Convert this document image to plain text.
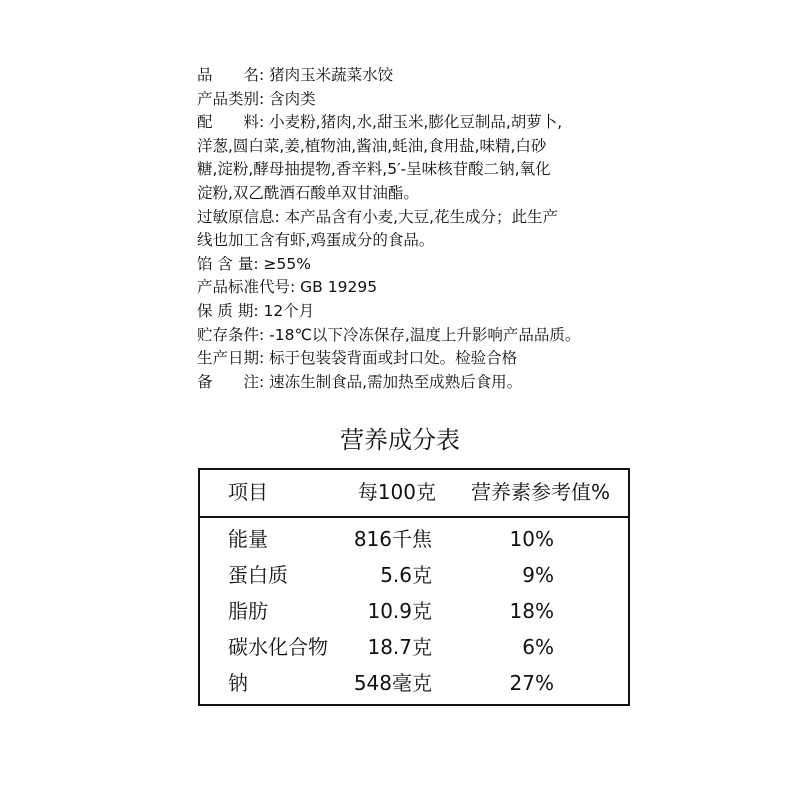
品　　名: 猪肉玉米蔬菜水饺
产品类别: 含肉类
配　　料: 小麦粉,猪肉,水,甜玉米,膨化豆制品,胡萝卜,
洋葱,圆白菜,姜,植物油,酱油,蚝油,食用盐,味精,白砂
糖,淀粉,酵母抽提物,香辛料,5′-呈味核苷酸二钠,氧化
淀粉,双乙酰酒石酸单双甘油酯。
过敏原信息: 本产品含有小麦,大豆,花生成分；此生产
线也加工含有虾,鸡蛋成分的食品。
馅 含 量: ≥55%
产品标准代号: GB 19295
保 质 期: 12个月
贮存条件: -18℃以下冷冻保存,温度上升影响产品品质。
生产日期: 标于包装袋背面或封口处。检验合格
备　　注: 速冻生制食品,需加热至成熟后食用。
营养成分表
项目	每100克 营养素参考值%
能量	816千焦	10%
蛋白质	5.6克	9%
脂肪	10.9克	18%
碳水化合物 18.7克	6%
钠	548毫克	27%
